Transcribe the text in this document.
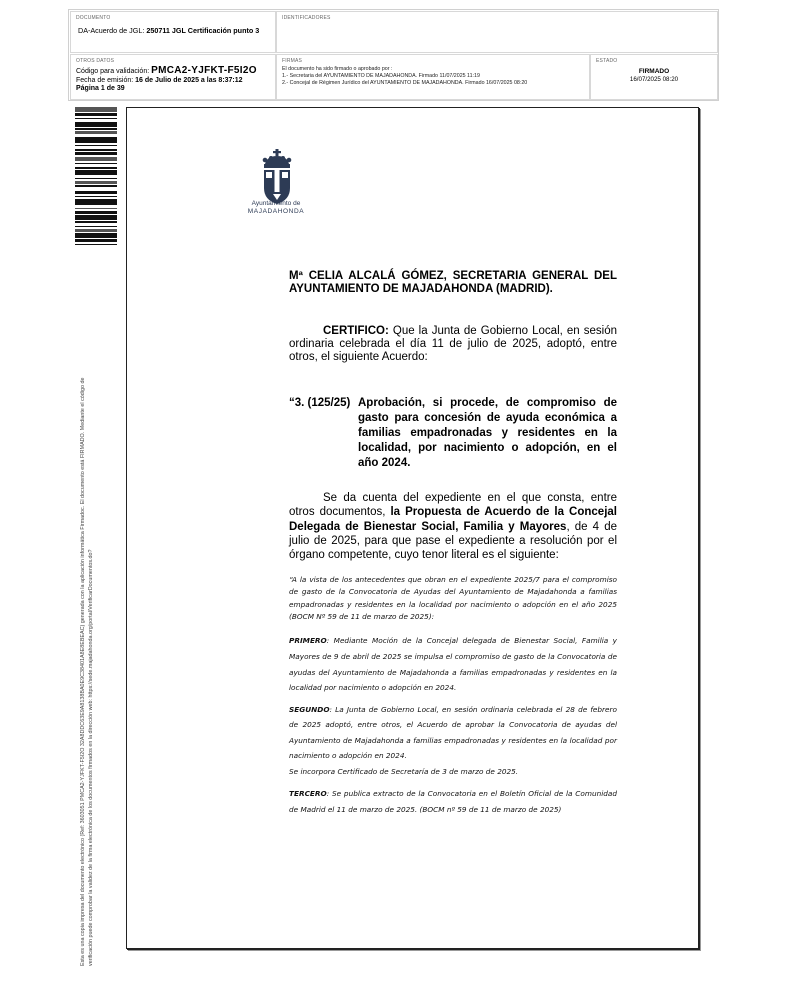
DOCUMENTO
DA-Acuerdo de JGL: 250711 JGL Certificación punto 3
IDENTIFICADORES
OTROS DATOS
Código para validación: PMCA2-YJFKT-F5I2O
Fecha de emisión: 16 de Julio de 2025 a las 8:37:12
Página 1 de 39
FIRMAS
El documento ha sido firmado o aprobado por :
1.- Secretaria del AYUNTAMIENTO DE MAJADAHONDA. Firmado 11/07/2025 11:19
2.- Concejal de Régimen Jurídico del AYUNTAMIENTO DE MAJADAHONDA. Firmado 16/07/2025 08:20
ESTADO
FIRMADO
16/07/2025 08:20
Esta es una copia impresa del documento electrónico (Ref: 3603051 PMCA2-YJFKT-F5I2O 32A8DDC63E9A8138BA0E9C38401A8E8EBEAC) generada con la aplicación informática Firmadoc. El documento está FIRMADO. Mediante el código de verificación puede comprobar la validez de la firma electrónica de los documentos firmados en la dirección web: https://sede.majadahonda.org/portal/VerificarDocumentos.do?
Ayuntamiento de
MAJADAHONDA
Mª CELIA ALCALÁ GÓMEZ, SECRETARIA GENERAL DEL AYUNTAMIENTO DE MAJADAHONDA (MADRID).
CERTIFICO: Que la Junta de Gobierno Local, en sesión ordinaria celebrada el día 11 de julio de 2025, adoptó, entre otros, el siguiente Acuerdo:
“3. (125/25) Aprobación, si procede, de compromiso de gasto para concesión de ayuda económica a familias empadronadas y residentes en la localidad, por nacimiento o adopción, en el año 2024.
Se da cuenta del expediente en el que consta, entre otros documentos, la Propuesta de Acuerdo de la Concejal Delegada de Bienestar Social, Familia y Mayores, de 4 de julio de 2025, para que pase el expediente a resolución por el órgano competente, cuyo tenor literal es el siguiente:
“A la vista de los antecedentes que obran en el expediente 2025/7 para el compromiso de gasto de la Convocatoria de Ayudas del Ayuntamiento de Majadahonda a familias empadronadas y residentes en la localidad por nacimiento o adopción en el año 2025 (BOCM Nº 59 de 11 de marzo de 2025):
PRIMERO: Mediante Moción de la Concejal delegada de Bienestar Social, Familia y Mayores de 9 de abril de 2025 se impulsa el compromiso de gasto de la Convocatoria de ayudas del Ayuntamiento de Majadahonda a familias empadronadas y residentes en la localidad por nacimiento o adopción en 2024.
SEGUNDO: La Junta de Gobierno Local, en sesión ordinaria celebrada el 28 de febrero de 2025 adoptó, entre otros, el Acuerdo de aprobar la Convocatoria de ayudas del Ayuntamiento de Majadahonda a familias empadronadas y residentes en la localidad por nacimiento o adopción en 2024.
Se incorpora Certificado de Secretaría de 3 de marzo de 2025.
TERCERO: Se publica extracto de la Convocatoria en el Boletín Oficial de la Comunidad de Madrid el 11 de marzo de 2025. (BOCM nº 59 de 11 de marzo de 2025)
